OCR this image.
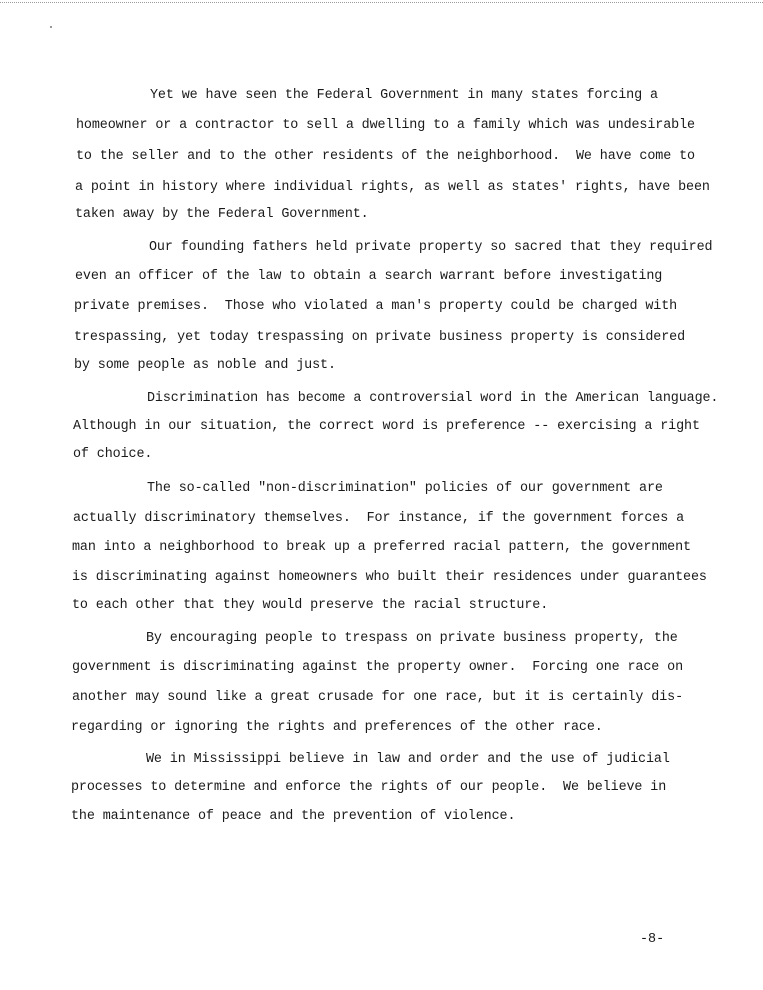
Yet we have seen the Federal Government in many states forcing a
homeowner or a contractor to sell a dwelling to a family which was undesirable
to the seller and to the other residents of the neighborhood.  We have come to
a point in history where individual rights, as well as states' rights, have been
taken away by the Federal Government.
Our founding fathers held private property so sacred that they required
even an officer of the law to obtain a search warrant before investigating
private premises.  Those who violated a man's property could be charged with
trespassing, yet today trespassing on private business property is considered
by some people as noble and just.
Discrimination has become a controversial word in the American language.
Although in our situation, the correct word is preference -- exercising a right
of choice.
The so-called "non-discrimination" policies of our government are
actually discriminatory themselves.  For instance, if the government forces a
man into a neighborhood to break up a preferred racial pattern, the government
is discriminating against homeowners who built their residences under guarantees
to each other that they would preserve the racial structure.
By encouraging people to trespass on private business property, the
government is discriminating against the property owner.  Forcing one race on
another may sound like a great crusade for one race, but it is certainly dis-
regarding or ignoring the rights and preferences of the other race.
We in Mississippi believe in law and order and the use of judicial
processes to determine and enforce the rights of our people.  We believe in
the maintenance of peace and the prevention of violence.
-8-
